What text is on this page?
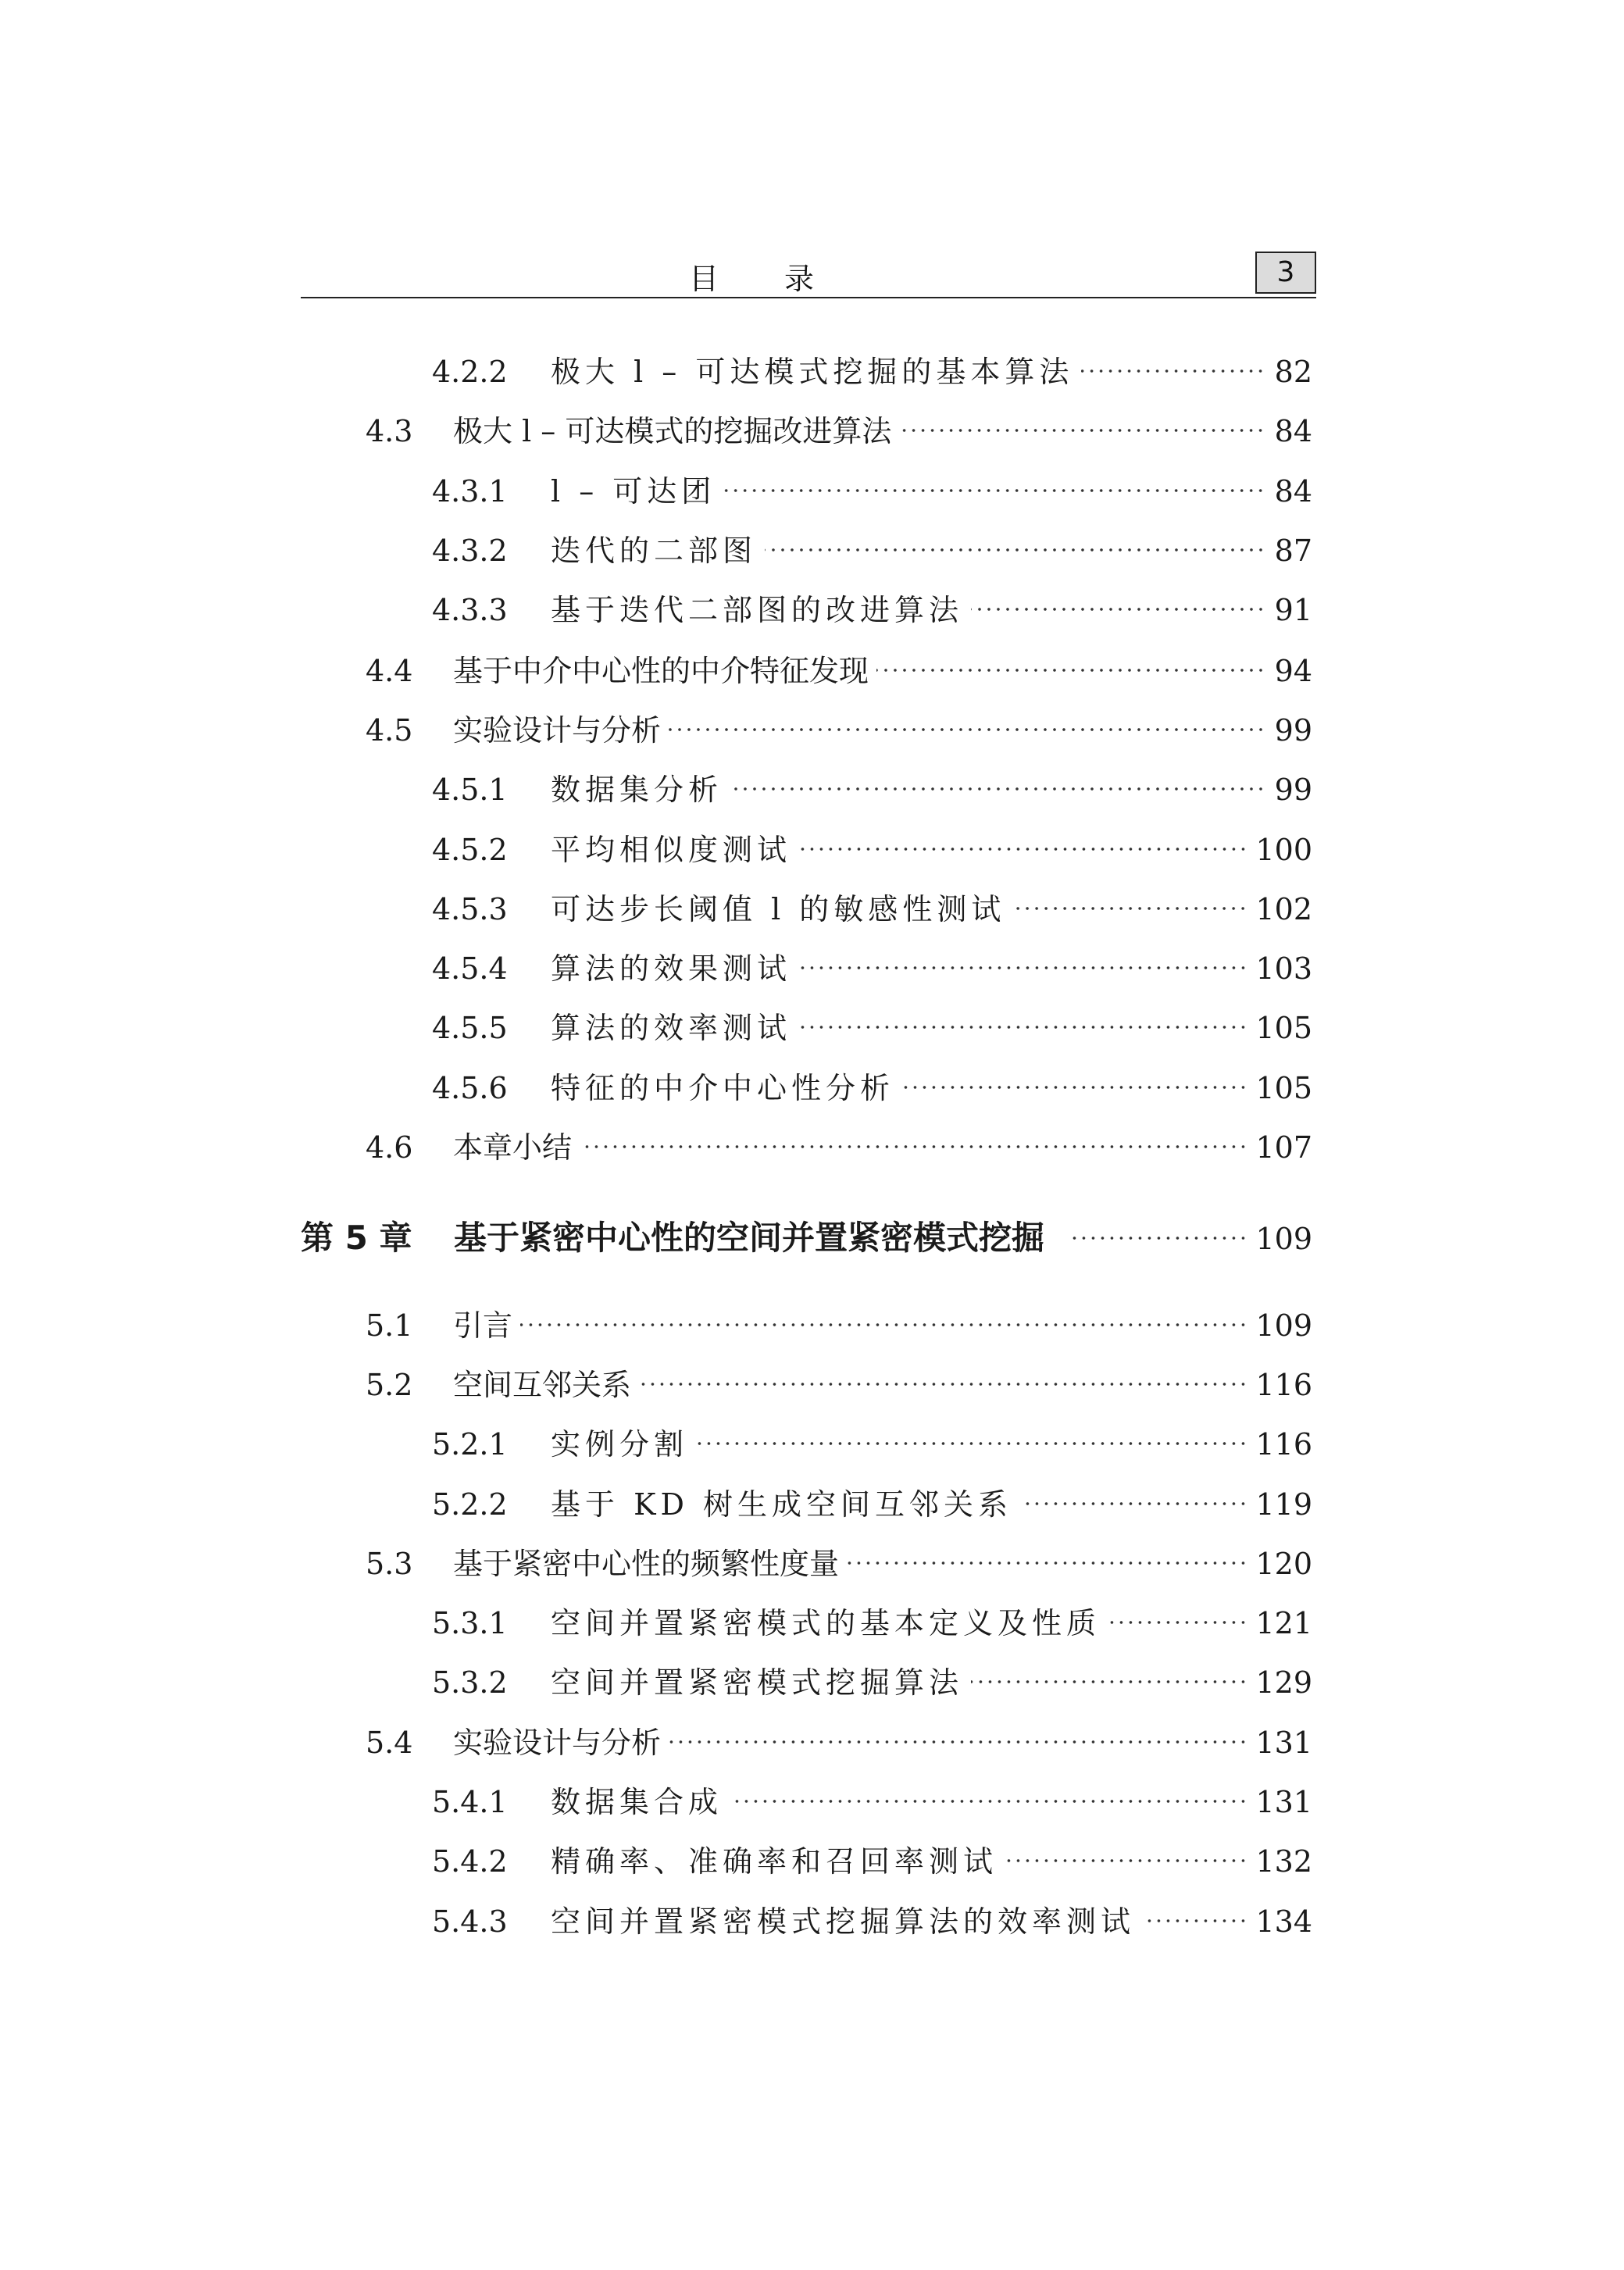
目 录	3
4.2.2	极大 l – 可达模式挖掘的基本算法	82
4.3	极大 l – 可达模式的挖掘改进算法	84
4.3.1	l – 可达团	84
4.3.2	迭代的二部图	87
4.3.3	基于迭代二部图的改进算法	91
4.4	基于中介中心性的中介特征发现	94
4.5	实验设计与分析	99
4.5.1	数据集分析	99
4.5.2	平均相似度测试	100
4.5.3	可达步长阈值 l 的敏感性测试	102
4.5.4	算法的效果测试	103
4.5.5	算法的效率测试	105
4.5.6	特征的中介中心性分析	105
4.6	本章小结	107
第 5 章	基于紧密中心性的空间并置紧密模式挖掘	109
5.1	引言	109
5.2	空间互邻关系	116
5.2.1	实例分割	116
5.2.2	基于 KD 树生成空间互邻关系	119
5.3	基于紧密中心性的频繁性度量	120
5.3.1	空间并置紧密模式的基本定义及性质	121
5.3.2	空间并置紧密模式挖掘算法	129
5.4	实验设计与分析	131
5.4.1	数据集合成	131
5.4.2	精确率、准确率和召回率测试	132
5.4.3	空间并置紧密模式挖掘算法的效率测试	134
